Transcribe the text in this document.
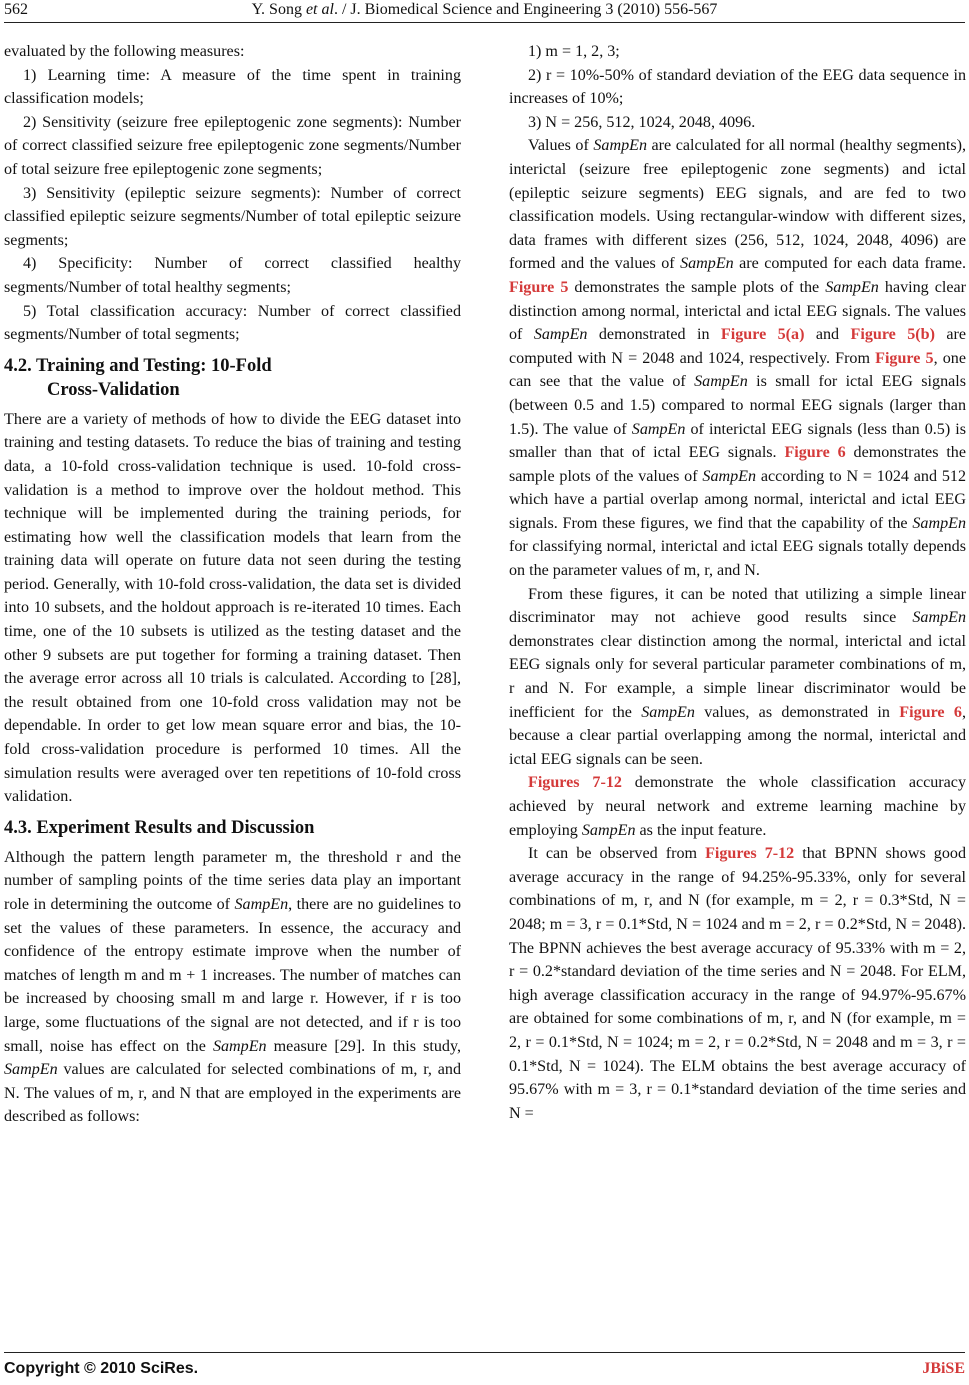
562	Y. Song et al. / J. Biomedical Science and Engineering 3 (2010) 556-567

evaluated by the following measures:

1) Learning time: A measure of the time spent in training classification models;

2) Sensitivity (seizure free epileptogenic zone segments): Number of correct classified seizure free epileptogenic zone segments/Number of total seizure free epileptogenic zone segments;

3) Sensitivity (epileptic seizure segments): Number of correct classified epileptic seizure segments/Number of total epileptic seizure segments;

4) Specificity: Number of correct classified healthy segments/Number of total healthy segments;

5) Total classification accuracy: Number of correct classified segments/Number of total segments;

4.2. Training and Testing: 10-Fold
Cross-Validation

There are a variety of methods of how to divide the EEG dataset into training and testing datasets. To reduce the bias of training and testing data, a 10-fold cross-validation technique is used. 10-fold cross-validation is a method to improve over the holdout method. This technique will be implemented during the training periods, for estimating how well the classification models that learn from the training data will operate on future data not seen during the testing period. Generally, with 10-fold cross-validation, the data set is divided into 10 subsets, and the holdout approach is re-iterated 10 times. Each time, one of the 10 subsets is utilized as the testing dataset and the other 9 subsets are put together for forming a training dataset. Then the average error across all 10 trials is calculated. According to [28], the result obtained from one 10-fold cross validation may not be dependable. In order to get low mean square error and bias, the 10-fold cross-validation procedure is performed 10 times. All the simulation results were averaged over ten repetitions of 10-fold cross validation.

4.3. Experiment Results and Discussion

Although the pattern length parameter m, the threshold r and the number of sampling points of the time series data play an important role in determining the outcome of SampEn, there are no guidelines to set the values of these parameters. In essence, the accuracy and confidence of the entropy estimate improve when the number of matches of length m and m + 1 increases. The number of matches can be increased by choosing small m and large r. However, if r is too large, some fluctuations of the signal are not detected, and if r is too small, noise has effect on the SampEn measure [29]. In this study, SampEn values are calculated for selected combinations of m, r, and N. The values of m, r, and N that are employed in the experiments are described as follows:

1) m = 1, 2, 3;

2) r = 10%-50% of standard deviation of the EEG data sequence in increases of 10%;

3) N = 256, 512, 1024, 2048, 4096.

Values of SampEn are calculated for all normal (healthy segments), interictal (seizure free epileptogenic zone segments) and ictal (epileptic seizure segments) EEG signals, and are fed to two classification models. Using rectangular-window with different sizes, data frames with different sizes (256, 512, 1024, 2048, 4096) are formed and the values of SampEn are computed for each data frame. Figure 5 demonstrates the sample plots of the SampEn having clear distinction among normal, interictal and ictal EEG signals. The values of SampEn demonstrated in Figure 5(a) and Figure 5(b) are computed with N = 2048 and 1024, respectively. From Figure 5, one can see that the value of SampEn is small for ictal EEG signals (between 0.5 and 1.5) compared to normal EEG signals (larger than 1.5). The value of SampEn of interictal EEG signals (less than 0.5) is smaller than that of ictal EEG signals. Figure 6 demonstrates the sample plots of the values of SampEn according to N = 1024 and 512 which have a partial overlap among normal, interictal and ictal EEG signals. From these figures, we find that the capability of the SampEn for classifying normal, interictal and ictal EEG signals totally depends on the parameter values of m, r, and N.

From these figures, it can be noted that utilizing a simple linear discriminator may not achieve good results since SampEn demonstrates clear distinction among the normal, interictal and ictal EEG signals only for several particular parameter combinations of m, r and N. For example, a simple linear discriminator would be inefficient for the SampEn values, as demonstrated in Figure 6, because a clear partial overlapping among the normal, interictal and ictal EEG signals can be seen.

Figures 7-12 demonstrate the whole classification accuracy achieved by neural network and extreme learning machine by employing SampEn as the input feature.

It can be observed from Figures 7-12 that BPNN shows good average accuracy in the range of 94.25%-95.33%, only for several combinations of m, r, and N (for example, m = 2, r = 0.3*Std, N = 2048; m = 3, r = 0.1*Std, N = 1024 and m = 2, r = 0.2*Std, N = 2048). The BPNN achieves the best average accuracy of 95.33% with m = 2, r = 0.2*standard deviation of the time series and N = 2048. For ELM, high average classification accuracy in the range of 94.97%-95.67% are obtained for some combinations of m, r, and N (for example, m = 2, r = 0.1*Std, N = 1024; m = 2, r = 0.2*Std, N = 2048 and m = 3, r = 0.1*Std, N = 1024). The ELM obtains the best average accuracy of 95.67% with m = 3, r = 0.1*standard deviation of the time series and N =

Copyright © 2010 SciRes.	JBiSE
